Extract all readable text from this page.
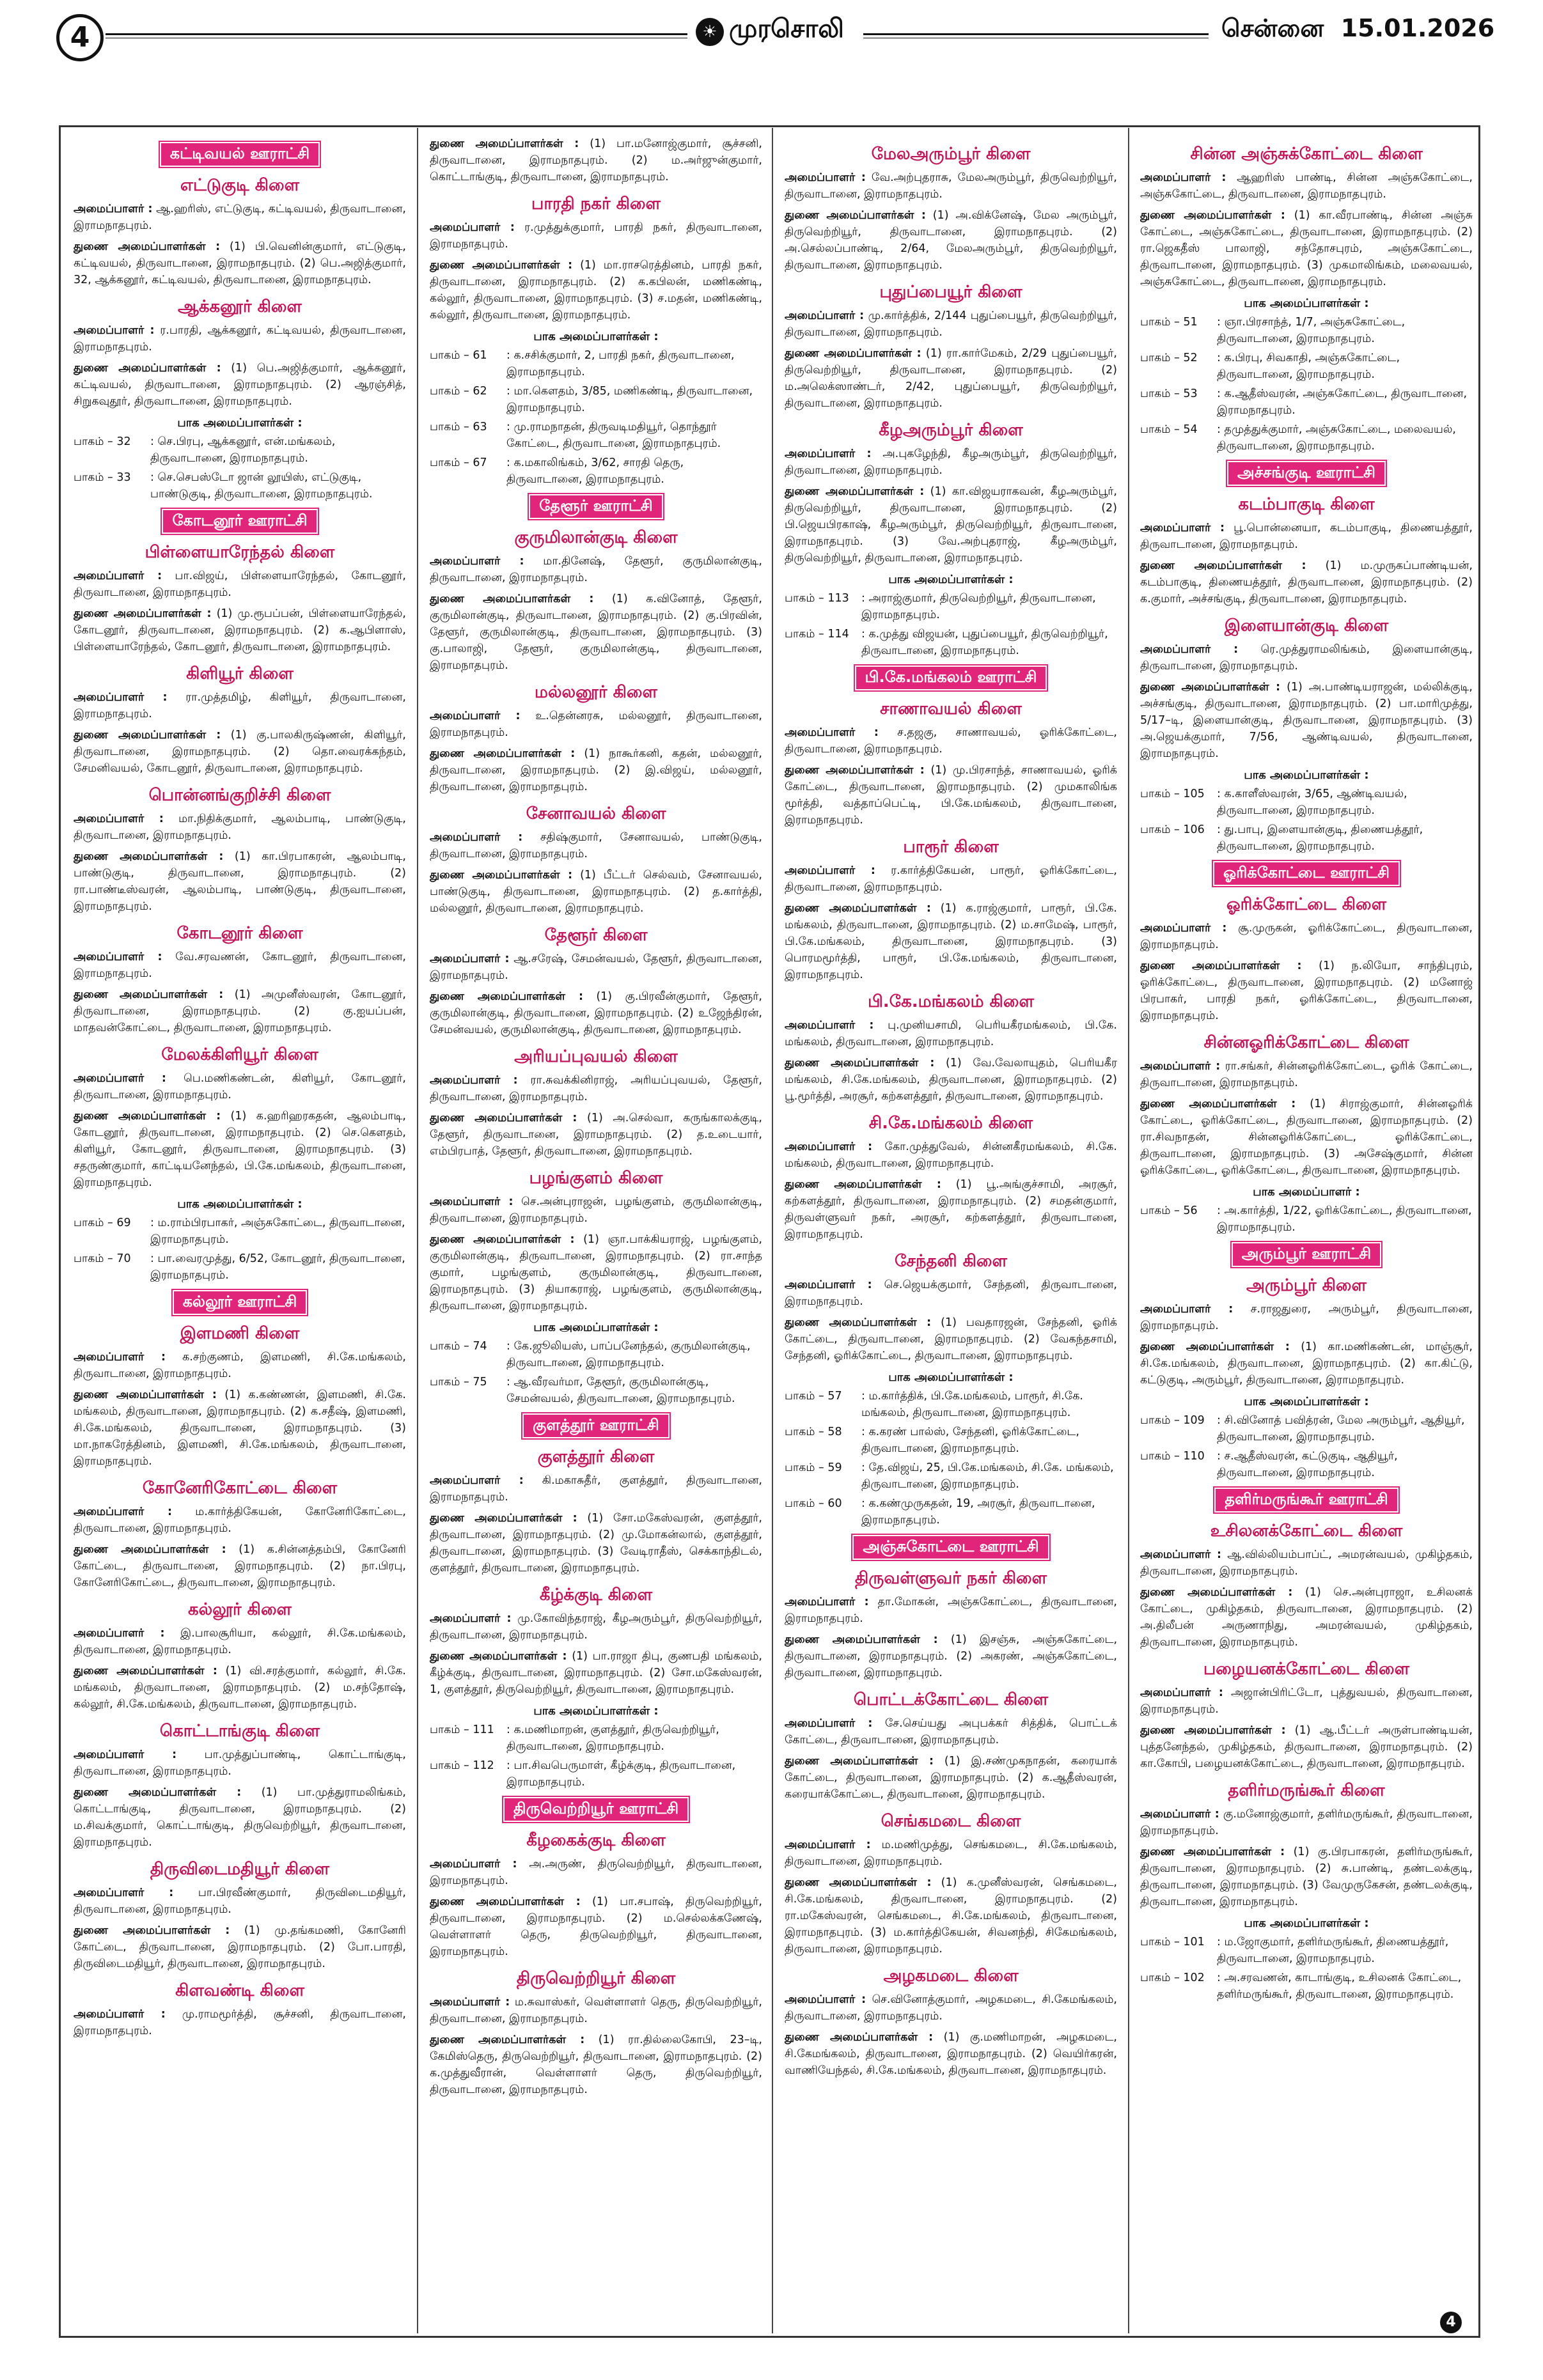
4	☀ முரசொலி	சென்னை 15.01.2026
கட்டிவயல் ஊராட்சி
எட்டுகுடி கிளை
அமைப்பாளர் : ஆ.ஹரிஸ், எட்டுகுடி, கட்டிவயல், திருவாடானை, இராமநாதபுரம்.
துணை அமைப்பாளர்கள் : (1) பி.வெனின்குமார், எட்டுகுடி, கட்டிவயல், திருவாடானை, இராமநாதபுரம். (2) பெ.அஜித்குமார், 32, ஆக்கனூர், கட்டிவயல், திருவாடானை, இராமநாதபுரம்.
ஆக்கனூர் கிளை
அமைப்பாளர் : ர.பாரதி, ஆக்கனூர், கட்டிவயல், திருவாடானை, இராமநாதபுரம்.
துணை அமைப்பாளர்கள் : (1) பெ.அஜித்குமார், ஆக்கனூர், கட்டிவயல், திருவாடானை, இராமநாதபுரம். (2) ஆரஞ்சித், சிறுகவுதூர், திருவாடானை, இராமநாதபுரம்.
பாக அமைப்பாளர்கள் :
பாகம் – 32	: செ.பிரபு, ஆக்கனூர், என்.மங்கலம், திருவாடானை, இராமநாதபுரம்.
பாகம் – 33	: செ.செபஸ்டோ ஜான் லூயிஸ், எட்டுகுடி, பாண்டுகுடி, திருவாடானை, இராமநாதபுரம்.
கோடனூர் ஊராட்சி
பிள்ளையாரேந்தல் கிளை
அமைப்பாளர் : பா.விஜய், பிள்ளையாரேந்தல், கோடனூர், திருவாடானை, இராமநாதபுரம்.
துணை அமைப்பாளர்கள் : (1) மு.ரூபப்பன், பிள்ளையாரேந்தல், கோடனூர், திருவாடானை, இராமநாதபுரம். (2) க.ஆபிளாஸ், பிள்ளையாரேந்தல், கோடனூர், திருவாடானை, இராமநாதபுரம்.
கிளியூர் கிளை
அமைப்பாளர் : ரா.முத்தமிழ், கிளியூர், திருவாடானை, இராமநாதபுரம்.
துணை அமைப்பாளர்கள் : (1) கு.பாலகிருஷ்ணன், கிளியூர், திருவாடானை, இராமநாதபுரம். (2) தொ.வைரக்கந்தம், சேமனிவயல், கோடனூர், திருவாடானை, இராமநாதபுரம்.
பொன்னங்குறிச்சி கிளை
அமைப்பாளர் : மா.நிதிக்குமார், ஆலம்பாடி, பாண்டுகுடி, திருவாடானை, இராமநாதபுரம்.
துணை அமைப்பாளர்கள் : (1) கா.பிரபாகரன், ஆலம்பாடி, பாண்டுகுடி, திருவாடானை, இராமநாதபுரம். (2) ரா.பாண்டீஸ்வரன், ஆலம்பாடி, பாண்டுகுடி, திருவாடானை, இராமநாதபுரம்.
கோடனூர் கிளை
அமைப்பாளர் : வே.சரவணன், கோடனூர், திருவாடானை, இராமநாதபுரம்.
துணை அமைப்பாளர்கள் : (1) அமுனீஸ்வரன், கோடனூர், திருவாடானை, இராமநாதபுரம். (2) கு.ஐயப்பன், மாதவன்கோட்டை, திருவாடானை, இராமநாதபுரம்.
மேலக்கிளியூர் கிளை
அமைப்பாளர் : பெ.மணிகண்டன், கிளியூர், கோடனூர், திருவாடானை, இராமநாதபுரம்.
துணை அமைப்பாளர்கள் : (1) க.ஹரிஹரகதன், ஆலம்பாடி, கோடனூர், திருவாடானை, இராமநாதபுரம். (2) செ.கௌதம், கிளியூர், கோடனூர், திருவாடானை, இராமநாதபுரம். (3) சதருண்குமார், காட்டியனேந்தல், பி.கே.மங்கலம், திருவாடானை, இராமநாதபுரம்.
பாக அமைப்பாளர்கள் :
பாகம் – 69	: ம.ராம்பிரபாகர், அஞ்சுகோட்டை, திருவாடானை, இராமநாதபுரம்.
பாகம் – 70	: பா.வைரமுத்து, 6/52, கோடனூர், திருவாடானை, இராமநாதபுரம்.
கல்லூர் ஊராட்சி
இளமணி கிளை
அமைப்பாளர் : க.சற்குணம், இளமணி, சி.கே.மங்கலம், திருவாடானை, இராமநாதபுரம்.
துணை அமைப்பாளர்கள் : (1) க.கண்ணன், இளமணி, சி.கே. மங்கலம், திருவாடானை, இராமநாதபுரம். (2) க.சதீஷ், இளமணி, சி.கே.மங்கலம், திருவாடானை, இராமநாதபுரம். (3) மா.நாகரேத்தினம், இளமணி, சி.கே.மங்கலம், திருவாடானை, இராமநாதபுரம்.
கோனேரிகோட்டை கிளை
அமைப்பாளர் : ம.கார்த்திகேயன், கோனேரிகோட்டை, திருவாடானை, இராமநாதபுரம்.
துணை அமைப்பாளர்கள் : (1) க.சின்னத்தம்பி, கோனேரி கோட்டை, திருவாடானை, இராமநாதபுரம். (2) நா.பிரபு, கோனேரிகோட்டை, திருவாடானை, இராமநாதபுரம்.
கல்லூர் கிளை
அமைப்பாளர் : இ.பாலசூரியா, கல்லூர், சி.கே.மங்கலம், திருவாடானை, இராமநாதபுரம்.
துணை அமைப்பாளர்கள் : (1) வி.சரத்குமார், கல்லூர், சி.கே. மங்கலம், திருவாடானை, இராமநாதபுரம். (2) ம.சந்தோஷ், கல்லூர், சி.கே.மங்கலம், திருவாடானை, இராமநாதபுரம்.
கொட்டாங்குடி கிளை
அமைப்பாளர் : பா.முத்துப்பாண்டி, கொட்டாங்குடி, திருவாடானை, இராமநாதபுரம்.
துணை அமைப்பாளர்கள் : (1) பா.முத்துராமலிங்கம், கொட்டாங்குடி, திருவாடானை, இராமநாதபுரம். (2) ம.சிவக்குமார், கொட்டாங்குடி, திருவெற்றியூர், திருவாடானை, இராமநாதபுரம்.
திருவிடைமதியூர் கிளை
அமைப்பாளர் : பா.பிரவீண்குமார், திருவிடைமதியூர், திருவாடானை, இராமநாதபுரம்.
துணை அமைப்பாளர்கள் : (1) மு.தங்கமணி, கோனேரி கோட்டை, திருவாடானை, இராமநாதபுரம். (2) போ.பாரதி, திருவிடைமதியூர், திருவாடானை, இராமநாதபுரம்.
கிளவண்டி கிளை
அமைப்பாளர் : மு.ராமமூர்த்தி, சூச்சனி, திருவாடானை, இராமநாதபுரம்.
துணை அமைப்பாளர்கள் : (1) பா.மனோஜ்குமார், சூச்சனி, திருவாடானை, இராமநாதபுரம். (2) ம.அர்ஜுன்குமார், கொட்டாங்குடி, திருவாடானை, இராமநாதபுரம்.
பாரதி நகர் கிளை
அமைப்பாளர் : ர.முத்துக்குமார், பாரதி நகர், திருவாடானை, இராமநாதபுரம்.
துணை அமைப்பாளர்கள் : (1) மா.ராசரெத்தினம், பாரதி நகர், திருவாடானை, இராமநாதபுரம். (2) க.கபிலன், மணிகண்டி, கல்லூர், திருவாடானை, இராமநாதபுரம். (3) ச.மதன், மணிகண்டி, கல்லூர், திருவாடானை, இராமநாதபுரம்.
பாக அமைப்பாளர்கள் :
பாகம் – 61	: க.சசிக்குமார், 2, பாரதி நகர், திருவாடானை, இராமநாதபுரம்.
பாகம் – 62	: மா.கௌதம், 3/85, மணிகண்டி, திருவாடானை, இராமநாதபுரம்.
பாகம் – 63	: மு.ராமநாதன், திருவடிமதியூர், தொந்தூர் கோட்டை, திருவாடானை, இராமநாதபுரம்.
பாகம் – 67	: க.மகாலிங்கம், 3/62, சாரதி தெரு, திருவாடானை, இராமநாதபுரம்.
தேளூர் ஊராட்சி
குருமிலான்குடி கிளை
அமைப்பாளர் : மா.தினேஷ், தேளூர், குருமிலான்குடி, திருவாடானை, இராமநாதபுரம்.
துணை அமைப்பாளர்கள் : (1) க.வினோத், தேளூர், குருமிலான்குடி, திருவாடானை, இராமநாதபுரம். (2) கு.பிரவின், தேளூர், குருமிலான்குடி, திருவாடானை, இராமநாதபுரம். (3) கு.பாலாஜி, தேளூர், குருமிலான்குடி, திருவாடானை, இராமநாதபுரம்.
மல்லனூர் கிளை
அமைப்பாளர் : உ.தென்னரசு, மல்லனூர், திருவாடானை, இராமநாதபுரம்.
துணை அமைப்பாளர்கள் : (1) நாகூர்கனி, கதன், மல்லனூர், திருவாடானை, இராமநாதபுரம். (2) இ.விஜய், மல்லனூர், திருவாடானை, இராமநாதபுரம்.
சேனாவயல் கிளை
அமைப்பாளர் : சதிஷ்குமார், சேனாவயல், பாண்டுகுடி, திருவாடானை, இராமநாதபுரம்.
துணை அமைப்பாளர்கள் : (1) பீட்டர் செல்வம், சேனாவயல், பாண்டுகுடி, திருவாடானை, இராமநாதபுரம். (2) த.கார்த்தி, மல்லனூர், திருவாடானை, இராமநாதபுரம்.
தேளூர் கிளை
அமைப்பாளர் : ஆ.சரேஷ், சேமன்வயல், தேளூர், திருவாடானை, இராமநாதபுரம்.
துணை அமைப்பாளர்கள் : (1) கு.பிரவீன்குமார், தேளூர், குருமிலான்குடி, திருவாடானை, இராமநாதபுரம். (2) உஜேந்திரன், சேமன்வயல், குருமிலான்குடி, திருவாடானை, இராமநாதபுரம்.
அரியப்புவயல் கிளை
அமைப்பாளர் : ரா.சுவக்கினிராஜ், அரியப்புவயல், தேளூர், திருவாடானை, இராமநாதபுரம்.
துணை அமைப்பாளர்கள் : (1) அ.செல்வா, கருங்காலக்குடி, தேளூர், திருவாடானை, இராமநாதபுரம். (2) த.உடையார், எம்பிரபாத், தேளூர், திருவாடானை, இராமநாதபுரம்.
பழங்குளம் கிளை
அமைப்பாளர் : செ.அன்புராஜன், பழங்குளம், குருமிலான்குடி, திருவாடானை, இராமநாதபுரம்.
துணை அமைப்பாளர்கள் : (1) ஞா.பாக்கியராஜ், பழங்குளம், குருமிலான்குடி, திருவாடானை, இராமநாதபுரம். (2) ரா.சாந்த குமார், பழங்குளம், குருமிலான்குடி, திருவாடானை, இராமநாதபுரம். (3) தியாகராஜ், பழங்குளம், குருமிலான்குடி, திருவாடானை, இராமநாதபுரம்.
பாக அமைப்பாளர்கள் :
பாகம் – 74	: கே.ஜூலியஸ், பாப்பனேந்தல், குருமிலான்குடி, திருவாடானை, இராமநாதபுரம்.
பாகம் – 75	: ஆ.வீரவர்மா, தேளூர், குருமிலான்குடி, சேமன்வயல், திருவாடானை, இராமநாதபுரம்.
குளத்தூர் ஊராட்சி
குளத்தூர் கிளை
அமைப்பாளர் : கி.மகாசுதீர், குளத்தூர், திருவாடானை, இராமநாதபுரம்.
துணை அமைப்பாளர்கள் : (1) சோ.மகேஸ்வரன், குளத்தூர், திருவாடானை, இராமநாதபுரம். (2) மு.மோகன்லால், குளத்தூர், திருவாடானை, இராமநாதபுரம். (3) வேடிராதீஸ், செக்காந்திடல், குளத்தூர், திருவாடானை, இராமநாதபுரம்.
கீழ்க்குடி கிளை
அமைப்பாளர் : மு.கோவிந்தராஜ், கீழஅரும்பூர், திருவெற்றியூர், திருவாடானை, இராமநாதபுரம்.
துணை அமைப்பாளர்கள் : (1) பா.ராஜா திபு, குணபதி மங்கலம், கீழ்க்குடி, திருவாடானை, இராமநாதபுரம். (2) சோ.மகேஸ்வரன், 1, குளத்தூர், திருவெற்றியூர், திருவாடானை, இராமநாதபுரம்.
பாக அமைப்பாளர்கள் :
பாகம் – 111	: க.மணிமாறன், குளத்தூர், திருவெற்றியூர், திருவாடானை, இராமநாதபுரம்.
பாகம் – 112	: பா.சிவபெருமாள், கீழ்க்குடி, திருவாடானை, இராமநாதபுரம்.
திருவெற்றியூர் ஊராட்சி
கீழகைக்குடி கிளை
அமைப்பாளர் : அ.அருண், திருவெற்றியூர், திருவாடானை, இராமநாதபுரம்.
துணை அமைப்பாளர்கள் : (1) பா.சபாஷ், திருவெற்றியூர், திருவாடானை, இராமநாதபுரம். (2) ம.செல்லக்கணேஷ், வெள்ளாளர் தெரு, திருவெற்றியூர், திருவாடானை, இராமநாதபுரம்.
திருவெற்றியூர் கிளை
அமைப்பாளர் : ம.சுவாஸ்கர், வெள்ளாளர் தெரு, திருவெற்றியூர், திருவாடானை, இராமநாதபுரம்.
துணை அமைப்பாளர்கள் : (1) ரா.தில்லைகோபி, 23–டி, கேமிஸ்தெரு, திருவெற்றியூர், திருவாடானை, இராமநாதபுரம். (2) க.முத்துவீரான், வெள்ளாளர் தெரு, திருவெற்றியூர், திருவாடானை, இராமநாதபுரம்.
மேலஅரும்பூர் கிளை
அமைப்பாளர் : வே.அற்புதராசு, மேலஅரும்பூர், திருவெற்றியூர், திருவாடானை, இராமநாதபுரம்.
துணை அமைப்பாளர்கள் : (1) அ.விக்னேஷ், மேல அரும்பூர், திருவெற்றியூர், திருவாடானை, இராமநாதபுரம். (2) அ.செல்லப்பாண்டி, 2/64, மேலஅரும்பூர், திருவெற்றியூர், திருவாடானை, இராமநாதபுரம்.
புதுப்பையூர் கிளை
அமைப்பாளர் : மு.கார்த்திக், 2/144 புதுப்பையூர், திருவெற்றியூர், திருவாடானை, இராமநாதபுரம்.
துணை அமைப்பாளர்கள் : (1) ரா.கார்மேகம், 2/29 புதுப்பையூர், திருவெற்றியூர், திருவாடானை, இராமநாதபுரம். (2) ம.அலெக்ஸாண்டர், 2/42, புதுப்பையூர், திருவெற்றியூர், திருவாடானை, இராமநாதபுரம்.
கீழஅரும்பூர் கிளை
அமைப்பாளர் : அ.புகழேந்தி, கீழஅரும்பூர், திருவெற்றியூர், திருவாடானை, இராமநாதபுரம்.
துணை அமைப்பாளர்கள் : (1) கா.விஜயராகவன், கீழஅரும்பூர், திருவெற்றியூர், திருவாடானை, இராமநாதபுரம். (2) பி.ஜெயபிரகாஷ், கீழஅரும்பூர், திருவெற்றியூர், திருவாடானை, இராமநாதபுரம். (3) வே.அற்புதராஜ், கீழஅரும்பூர், திருவெற்றியூர், திருவாடானை, இராமநாதபுரம்.
பாக அமைப்பாளர்கள் :
பாகம் – 113	: அராஜ்குமார், திருவெற்றியூர், திருவாடானை, இராமநாதபுரம்.
பாகம் – 114	: க.முத்து விஜயன், புதுப்பையூர், திருவெற்றியூர், திருவாடானை, இராமநாதபுரம்.
பி.கே.மங்கலம் ஊராட்சி
சாணாவயல் கிளை
அமைப்பாளர் : ச.தஜகு, சாணாவயல், ஓரிக்கோட்டை, திருவாடானை, இராமநாதபுரம்.
துணை அமைப்பாளர்கள் : (1) மு.பிரசாந்த், சாணாவயல், ஓரிக் கோட்டை, திருவாடானை, இராமநாதபுரம். (2) முமகாலிங்க மூர்த்தி, வத்தாப்பெட்டி, பி.கே.மங்கலம், திருவாடானை, இராமநாதபுரம்.
பாரூர் கிளை
அமைப்பாளர் : ர.கார்த்திகேயன், பாரூர், ஓரிக்கோட்டை, திருவாடானை, இராமநாதபுரம்.
துணை அமைப்பாளர்கள் : (1) க.ராஜ்குமார், பாரூர், பி.கே. மங்கலம், திருவாடானை, இராமநாதபுரம். (2) ம.சாமேஷ், பாரூர், பி.கே.மங்கலம், திருவாடானை, இராமநாதபுரம். (3) பொரமமூர்த்தி, பாரூர், பி.கே.மங்கலம், திருவாடானை, இராமநாதபுரம்.
பி.கே.மங்கலம் கிளை
அமைப்பாளர் : பு.முனியசாமி, பெரியகீரமங்கலம், பி.கே. மங்கலம், திருவாடானை, இராமநாதபுரம்.
துணை அமைப்பாளர்கள் : (1) வே.வேலாயுதம், பெரியகீர மங்கலம், சி.கே.மங்கலம், திருவாடானை, இராமநாதபுரம். (2) பூ.மூர்த்தி, அரசூர், கற்களத்தூர், திருவாடானை, இராமநாதபுரம்.
சி.கே.மங்கலம் கிளை
அமைப்பாளர் : கோ.முத்துவேல், சின்னகீரமங்கலம், சி.கே. மங்கலம், திருவாடானை, இராமநாதபுரம்.
துணை அமைப்பாளர்கள் : (1) பூ.அங்குச்சாமி, அரசூர், கற்களத்தூர், திருவாடானை, இராமநாதபுரம். (2) சமதன்குமார், திருவள்ளுவர் நகர், அரசூர், கற்களத்தூர், திருவாடானை, இராமநாதபுரம்.
சேந்தனி கிளை
அமைப்பாளர் : செ.ஜெயக்குமார், சேந்தனி, திருவாடானை, இராமநாதபுரம்.
துணை அமைப்பாளர்கள் : (1) பவதாரஜன், சேந்தனி, ஓரிக் கோட்டை, திருவாடானை, இராமநாதபுரம். (2) வேகந்தசாமி, சேந்தனி, ஓரிக்கோட்டை, திருவாடானை, இராமநாதபுரம்.
பாக அமைப்பாளர்கள் :
பாகம் – 57	: ம.கார்த்திக், பி.கே.மங்கலம், பாரூர், சி.கே. மங்கலம், திருவாடானை, இராமநாதபுரம்.
பாகம் – 58	: க.கரண் பால்ஸ், சேந்தனி, ஓரிக்கோட்டை, திருவாடானை, இராமநாதபுரம்.
பாகம் – 59	: தே.விஜய், 25, பி.கே.மங்கலம், சி.கே. மங்கலம், திருவாடானை, இராமநாதபுரம்.
பாகம் – 60	: க.கண்முருகதன், 19, அரசூர், திருவாடானை, இராமநாதபுரம்.
அஞ்சுகோட்டை ஊராட்சி
திருவள்ளுவர் நகர் கிளை
அமைப்பாளர் : தா.மோகன், அஞ்சுகோட்டை, திருவாடானை, இராமநாதபுரம்.
துணை அமைப்பாளர்கள் : (1) இசஞ்சு, அஞ்சுகோட்டை, திருவாடானை, இராமநாதபுரம். (2) அகரண், அஞ்சுகோட்டை, திருவாடானை, இராமநாதபுரம்.
பொட்டக்கோட்டை கிளை
அமைப்பாளர் : சே.செய்யது அபுபக்கர் சித்திக், பொட்டக் கோட்டை, திருவாடானை, இராமநாதபுரம்.
துணை அமைப்பாளர்கள் : (1) இ.சண்முகநாதன், கரையாக் கோட்டை, திருவாடானை, இராமநாதபுரம். (2) க.ஆதீஸ்வரன், கரையாக்கோட்டை, திருவாடானை, இராமநாதபுரம்.
செங்கமடை கிளை
அமைப்பாளர் : ம.மணிமுத்து, செங்கமடை, சி.கே.மங்கலம், திருவாடானை, இராமநாதபுரம்.
துணை அமைப்பாளர்கள் : (1) க.முனீஸ்வரன், செங்கமடை, சி.கே.மங்கலம், திருவாடானை, இராமநாதபுரம். (2) ரா.மகேஸ்வரன், செங்கமடை, சி.கே.மங்கலம், திருவாடானை, இராமநாதபுரம். (3) ம.கார்த்திகேயன், சிவனந்தி, சிகேமங்கலம், திருவாடானை, இராமநாதபுரம்.
அழகமடை கிளை
அமைப்பாளர் : செ.வினோத்குமார், அழகமடை, சி.கேமங்கலம், திருவாடானை, இராமநாதபுரம்.
துணை அமைப்பாளர்கள் : (1) கு.மணிமாறன், அழகமடை, சி.கேமங்கலம், திருவாடானை, இராமநாதபுரம். (2) வெயிர்கரன், வாணியேந்தல், சி.கே.மங்கலம், திருவாடானை, இராமநாதபுரம்.
சின்ன அஞ்சுக்கோட்டை கிளை
அமைப்பாளர் : ஆஹரிஸ் பாண்டி, சின்ன அஞ்சுகோட்டை, அஞ்சுகோட்டை, திருவாடானை, இராமநாதபுரம்.
துணை அமைப்பாளர்கள் : (1) கா.வீரபாண்டி, சின்ன அஞ்சு கோட்டை, அஞ்சுகோட்டை, திருவாடானை, இராமநாதபுரம். (2) ரா.ஜெகதீஸ் பாலாஜி, சந்தோசபுரம், அஞ்சுகோட்டை, திருவாடானை, இராமநாதபுரம். (3) முகமாலிங்கம், மலைவயல், அஞ்சுகோட்டை, திருவாடானை, இராமநாதபுரம்.
பாக அமைப்பாளர்கள் :
பாகம் – 51	: ஞா.பிரசாந்த், 1/7, அஞ்சுகோட்டை, திருவாடானை, இராமநாதபுரம்.
பாகம் – 52	: க.பிரபு, சிவகாதி, அஞ்சுகோட்டை, திருவாடானை, இராமநாதபுரம்.
பாகம் – 53	: க.ஆதீஸ்வரன், அஞ்சுகோட்டை, திருவாடானை, இராமநாதபுரம்.
பாகம் – 54	: தமுத்துக்குமார், அஞ்சுகோட்டை, மலைவயல், திருவாடானை, இராமநாதபுரம்.
அச்சங்குடி ஊராட்சி
கடம்பாகுடி கிளை
அமைப்பாளர் : பூ.பொன்னையா, கடம்பாகுடி, திணையத்தூர், திருவாடானை, இராமநாதபுரம்.
துணை அமைப்பாளர்கள் : (1) ம.முருகப்பாண்டியன், கடம்பாகுடி, திணையத்தூர், திருவாடானை, இராமநாதபுரம். (2) க.குமார், அச்சங்குடி, திருவாடானை, இராமநாதபுரம்.
இளையான்குடி கிளை
அமைப்பாளர் : ரெ.முத்துராமலிங்கம், இளையான்குடி, திருவாடானை, இராமநாதபுரம்.
துணை அமைப்பாளர்கள் : (1) அ.பாண்டியராஜன், மல்லிக்குடி, அச்சங்குடி, திருவாடானை, இராமநாதபுரம். (2) பா.மாரிமுத்து, 5/17–டி, இளையான்குடி, திருவாடானை, இராமநாதபுரம். (3) அ.ஜெயக்குமார், 7/56, ஆண்டிவயல், திருவாடானை, இராமநாதபுரம்.
பாக அமைப்பாளர்கள் :
பாகம் – 105	: க.காளீஸ்வரன், 3/65, ஆண்டிவயல், திருவாடானை, இராமநாதபுரம்.
பாகம் – 106	: து.பாபு, இளையான்குடி, திணையத்தூர், திருவாடானை, இராமநாதபுரம்.
ஓரிக்கோட்டை ஊராட்சி
ஓரிக்கோட்டை கிளை
அமைப்பாளர் : சூ.முருகன், ஓரிக்கோட்டை, திருவாடானை, இராமநாதபுரம்.
துணை அமைப்பாளர்கள் : (1) ந.லியோ, சாந்திபுரம், ஓரிக்கோட்டை, திருவாடானை, இராமநாதபுரம். (2) மனோஜ் பிரபாகர், பாரதி நகர், ஓரிக்கோட்டை, திருவாடானை, இராமநாதபுரம்.
சின்னஓரிக்கோட்டை கிளை
அமைப்பாளர் : ரா.சங்கர், சின்னஓரிக்கோட்டை, ஓரிக் கோட்டை, திருவாடானை, இராமநாதபுரம்.
துணை அமைப்பாளர்கள் : (1) சிராஜ்குமார், சின்னஓரிக் கோட்டை, ஓரிக்கோட்டை, திருவாடானை, இராமநாதபுரம். (2) ரா.சிவநாதன், சின்னஓரிக்கோட்டை, ஓரிக்கோட்டை, திருவாடானை, இராமநாதபுரம். (3) அசேஷ்குமார், சின்ன ஓரிக்கோட்டை, ஓரிக்கோட்டை, திருவாடானை, இராமநாதபுரம்.
பாக அமைப்பாளர் :
பாகம் – 56	: அ.கார்த்தி, 1/22, ஓரிக்கோட்டை, திருவாடானை, இராமநாதபுரம்.
அரும்பூர் ஊராட்சி
அரும்பூர் கிளை
அமைப்பாளர் : ச.ராஜதுரை, அரும்பூர், திருவாடானை, இராமநாதபுரம்.
துணை அமைப்பாளர்கள் : (1) கா.மணிகண்டன், மாஞ்சூர், சி.கே.மங்கலம், திருவாடானை, இராமநாதபுரம். (2) கா.கிட்டு, கட்டுகுடி, அரும்பூர், திருவாடானை, இராமநாதபுரம்.
பாக அமைப்பாளர்கள் :
பாகம் – 109	: சி.வினோத் பவித்ரன், மேல அரும்பூர், ஆதியூர், திருவாடானை, இராமநாதபுரம்.
பாகம் – 110	: ச.ஆதீஸ்வரன், கட்டுகுடி, ஆதியூர், திருவாடானை, இராமநாதபுரம்.
தளிர்மருங்கூர் ஊராட்சி
உசிலனக்கோட்டை கிளை
அமைப்பாளர் : ஆ.வில்லியம்பாப்ட், அமரன்வயல், முகிழ்தகம், திருவாடானை, இராமநாதபுரம்.
துணை அமைப்பாளர்கள் : (1) செ.அன்புராஜா, உசிலனக் கோட்டை, முகிழ்தகம், திருவாடானை, இராமநாதபுரம். (2) அ.திலீபன் அருணாநிது, அமரன்வயல், முகிழ்தகம், திருவாடானை, இராமநாதபுரம்.
பழையனக்கோட்டை கிளை
அமைப்பாளர் : அஜான்பிரிட்டோ, புத்துவயல், திருவாடானை, இராமநாதபுரம்.
துணை அமைப்பாளர்கள் : (1) ஆ.பீட்டர் அருள்பாண்டியன், புத்தனேந்தல், முகிழ்தகம், திருவாடானை, இராமநாதபுரம். (2) கா.கோபி, பழையனக்கோட்டை, திருவாடானை, இராமநாதபுரம்.
தளிர்மருங்கூர் கிளை
அமைப்பாளர் : கு.மனோஜ்குமார், தளிர்மருங்கூர், திருவாடானை, இராமநாதபுரம்.
துணை அமைப்பாளர்கள் : (1) கு.பிரபாகரன், தளிர்மருங்கூர், திருவாடானை, இராமநாதபுரம். (2) சு.பாண்டி, தண்டலக்குடி, திருவாடானை, இராமநாதபுரம். (3) வேமுருகேசன், தண்டலக்குடி, திருவாடானை, இராமநாதபுரம்.
பாக அமைப்பாளர்கள் :
பாகம் – 101	: ம.ஜோகுமார், தளிர்மருங்கூர், திணையத்தூர், திருவாடானை, இராமநாதபுரம்.
பாகம் – 102	: அ.சரவணன், காடாங்குடி, உசிலனக் கோட்டை, தளிர்மருங்கூர், திருவாடானை, இராமநாதபுரம்.
4
